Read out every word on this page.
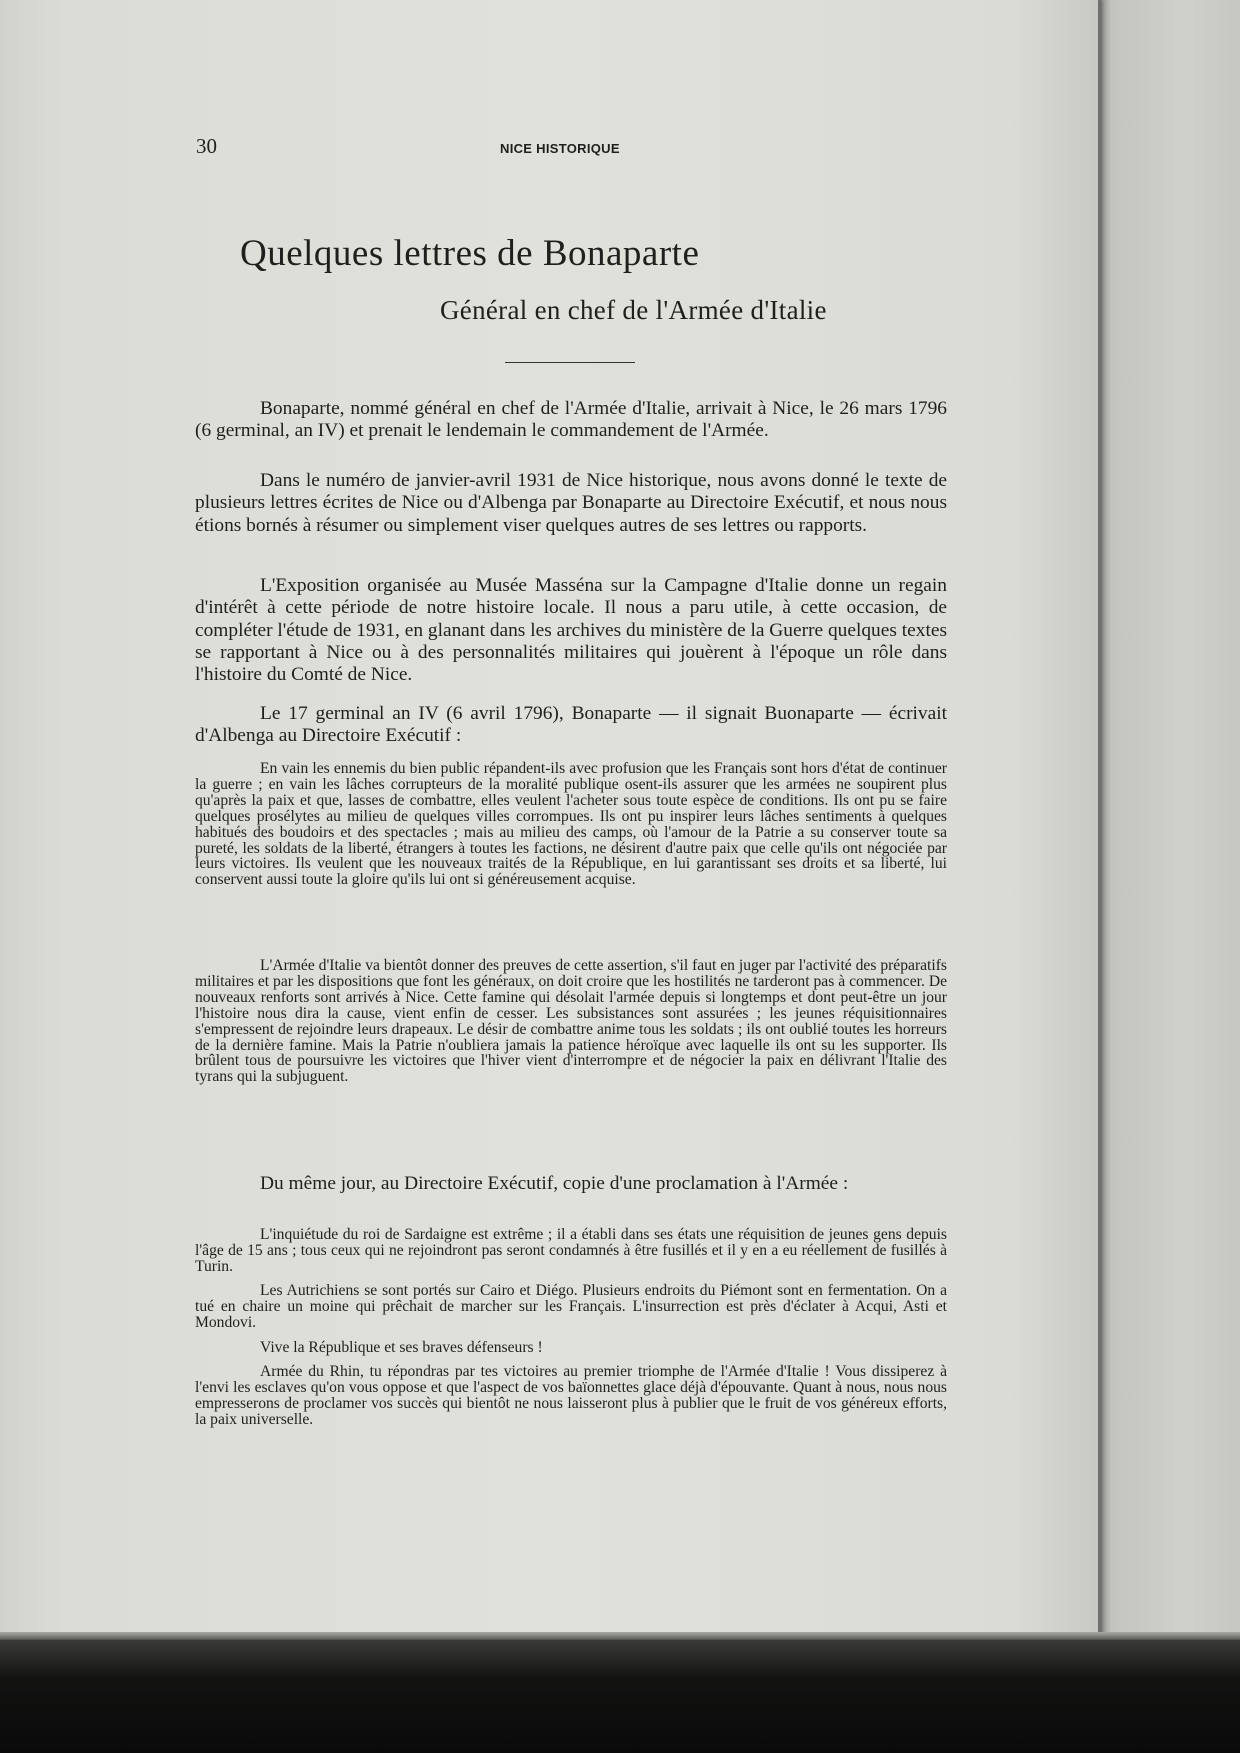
30	NICE HISTORIQUE
Quelques lettres de Bonaparte
Général en chef de l'Armée d'Italie

Bonaparte, nommé général en chef de l'Armée d'Italie, arrivait à Nice, le 26 mars 1796 (6 germinal, an IV) et prenait le lendemain le commandement de l'Armée.

Dans le numéro de janvier-avril 1931 de Nice historique, nous avons donné le texte de plusieurs lettres écrites de Nice ou d'Albenga par Bonaparte au Directoire Exécutif, et nous nous étions bornés à résumer ou simplement viser quelques autres de ses lettres ou rapports.

L'Exposition organisée au Musée Masséna sur la Campagne d'Italie donne un regain d'intérêt à cette période de notre histoire locale. Il nous a paru utile, à cette occasion, de compléter l'étude de 1931, en glanant dans les archives du ministère de la Guerre quelques textes se rapportant à Nice ou à des personnalités militaires qui jouèrent à l'époque un rôle dans l'histoire du Comté de Nice.

Le 17 germinal an IV (6 avril 1796), Bonaparte — il signait Buonaparte — écrivait d'Albenga au Directoire Exécutif :

En vain les ennemis du bien public répandent-ils avec profusion que les Français sont hors d'état de continuer la guerre ; en vain les lâches corrupteurs de la moralité publique osent-ils assurer que les armées ne soupirent plus qu'après la paix et que, lasses de combattre, elles veulent l'acheter sous toute espèce de conditions. Ils ont pu se faire quelques prosélytes au milieu de quelques villes corrompues. Ils ont pu inspirer leurs lâches sentiments à quelques habitués des boudoirs et des spectacles ; mais au milieu des camps, où l'amour de la Patrie a su conserver toute sa pureté, les soldats de la liberté, étrangers à toutes les factions, ne désirent d'autre paix que celle qu'ils ont négociée par leurs victoires. Ils veulent que les nouveaux traités de la République, en lui garantissant ses droits et sa liberté, lui conservent aussi toute la gloire qu'ils lui ont si généreusement acquise.

L'Armée d'Italie va bientôt donner des preuves de cette assertion, s'il faut en juger par l'activité des préparatifs militaires et par les dispositions que font les généraux, on doit croire que les hostilités ne tarderont pas à commencer. De nouveaux renforts sont arrivés à Nice. Cette famine qui désolait l'armée depuis si longtemps et dont peut-être un jour l'histoire nous dira la cause, vient enfin de cesser. Les subsistances sont assurées ; les jeunes réquisitionnaires s'empressent de rejoindre leurs drapeaux. Le désir de combattre anime tous les soldats ; ils ont oublié toutes les horreurs de la dernière famine. Mais la Patrie n'oubliera jamais la patience héroïque avec laquelle ils ont su les supporter. Ils brûlent tous de poursuivre les victoires que l'hiver vient d'interrompre et de négocier la paix en délivrant l'Italie des tyrans qui la subjuguent.

Du même jour, au Directoire Exécutif, copie d'une proclamation à l'Armée :

L'inquiétude du roi de Sardaigne est extrême ; il a établi dans ses états une réquisition de jeunes gens depuis l'âge de 15 ans ; tous ceux qui ne rejoindront pas seront condamnés à être fusillés et il y en a eu réellement de fusillés à Turin.

Les Autrichiens se sont portés sur Cairo et Diégo. Plusieurs endroits du Piémont sont en fermentation. On a tué en chaire un moine qui prêchait de marcher sur les Français. L'insurrection est près d'éclater à Acqui, Asti et Mondovi.

Vive la République et ses braves défenseurs !

Armée du Rhin, tu répondras par tes victoires au premier triomphe de l'Armée d'Italie ! Vous dissiperez à l'envi les esclaves qu'on vous oppose et que l'aspect de vos baïonnettes glace déjà d'épouvante. Quant à nous, nous nous empresserons de proclamer vos succès qui bientôt ne nous laisseront plus à publier que le fruit de vos généreux efforts, la paix universelle.
